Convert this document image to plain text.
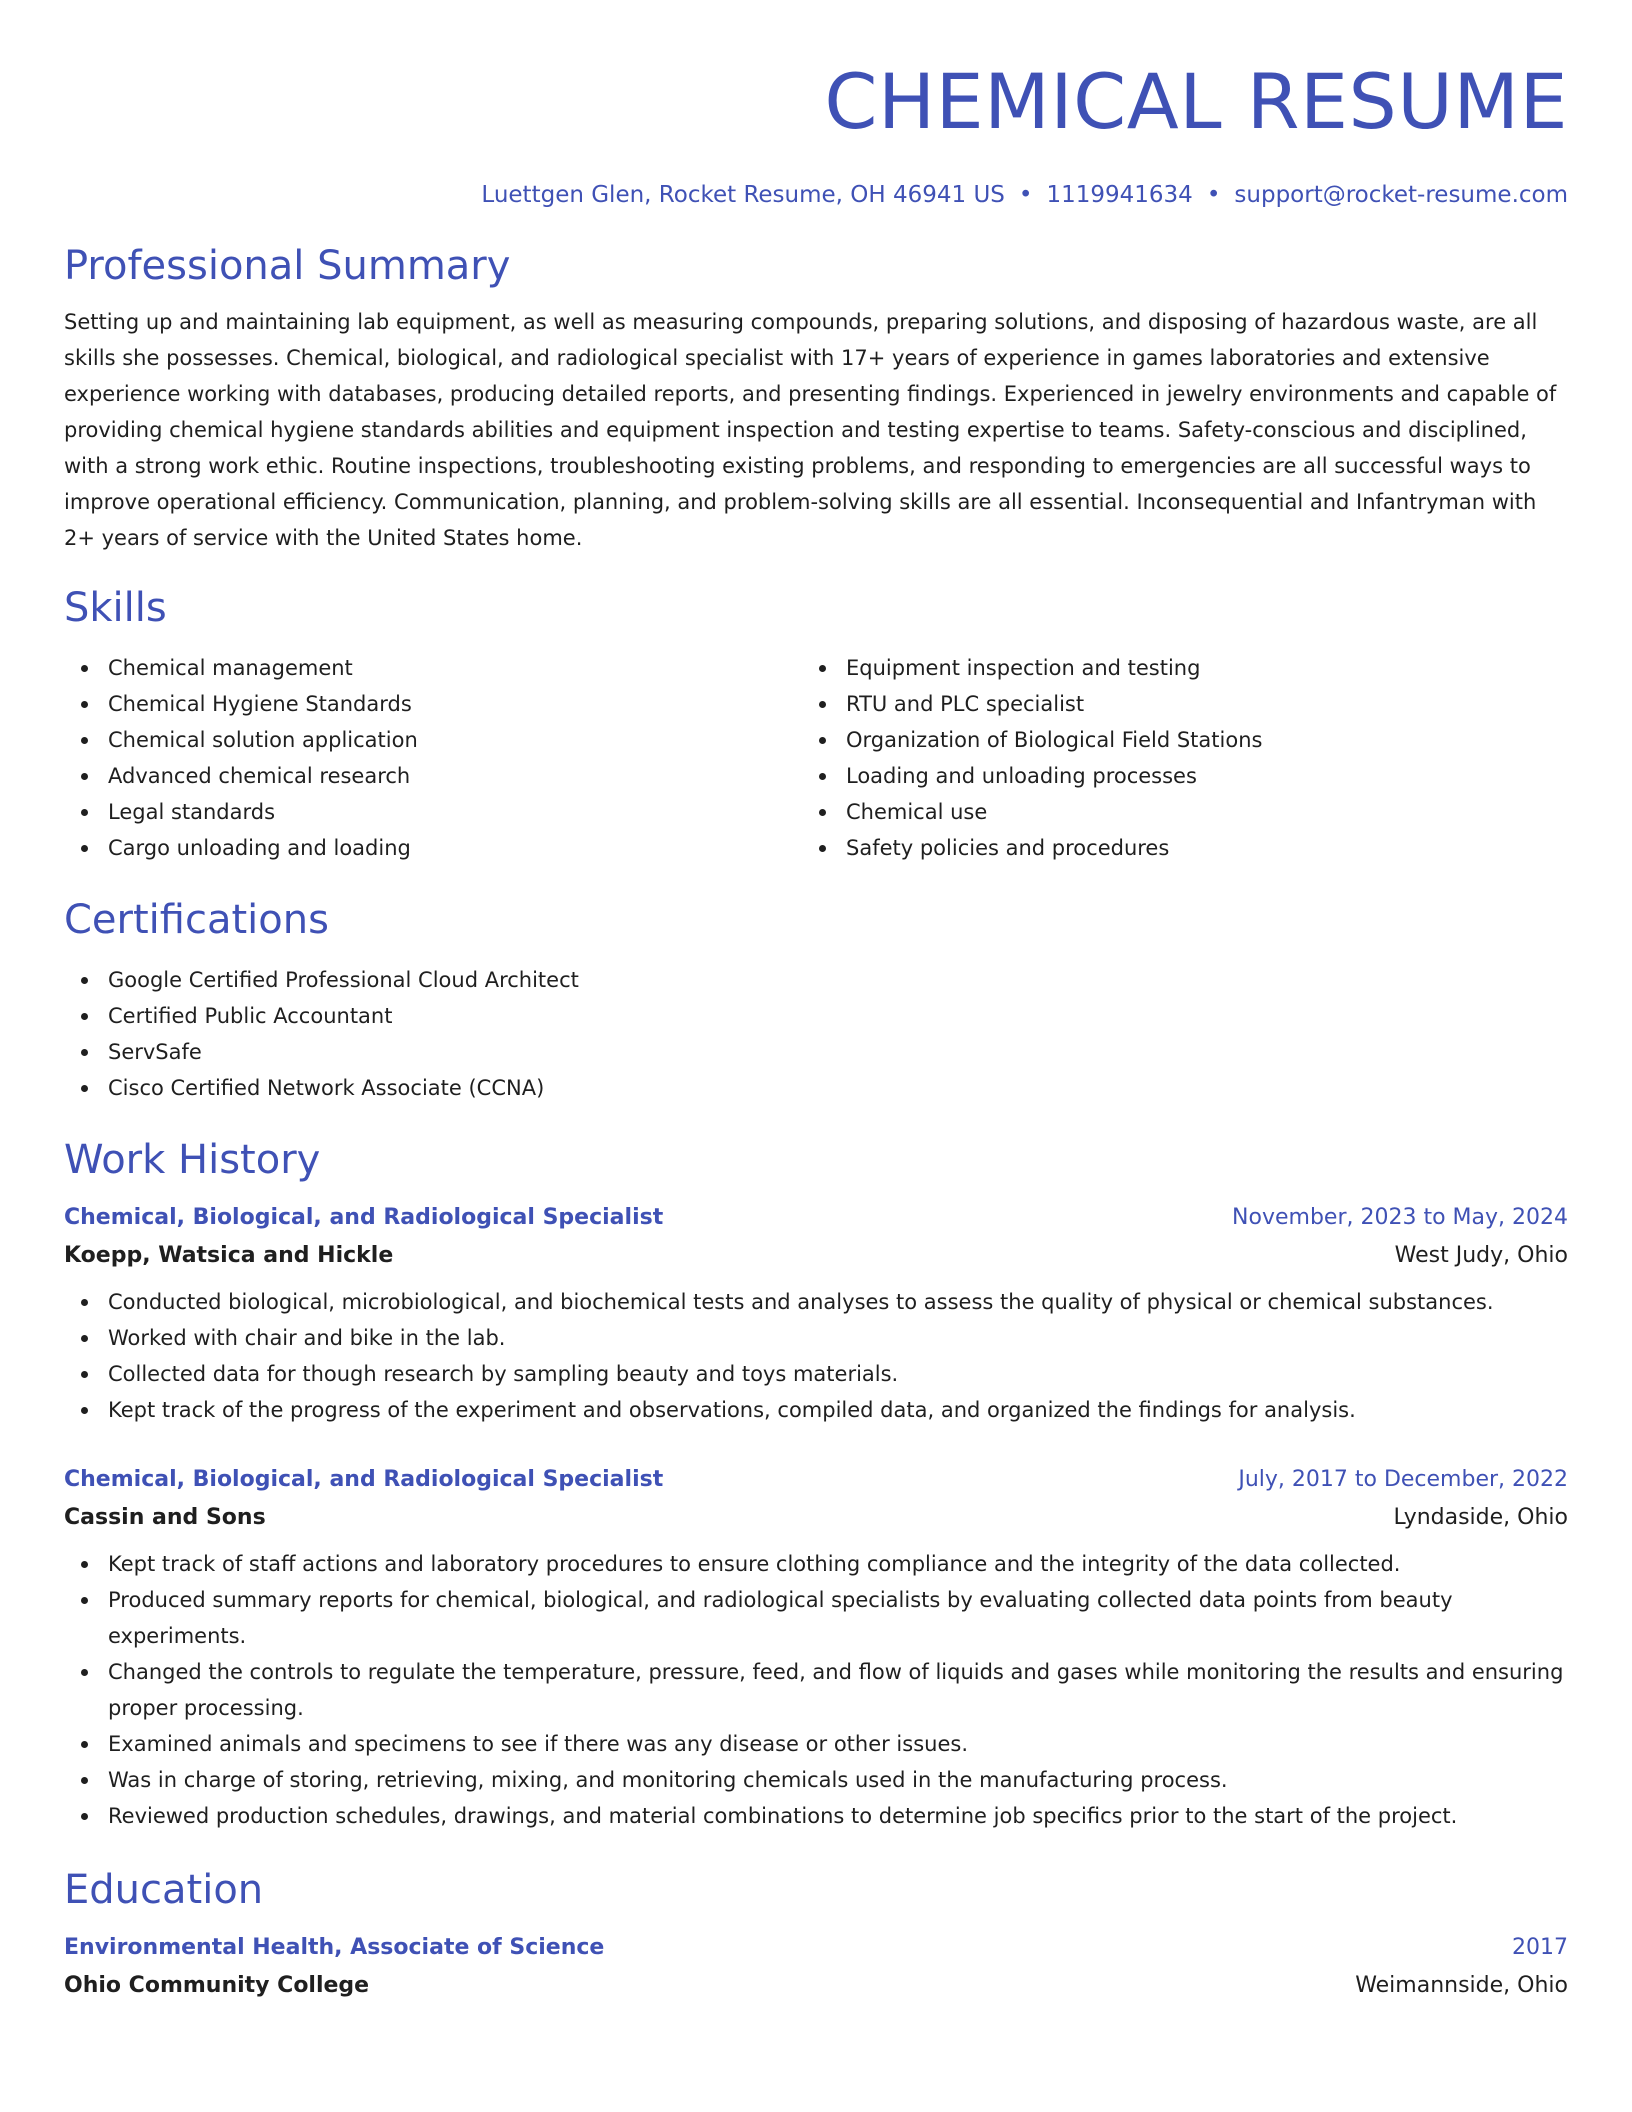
CHEMICAL RESUME
Luettgen Glen, Rocket Resume, OH 46941 US • 1119941634 • support@rocket-resume.com
Professional Summary

Setting up and maintaining lab equipment, as well as measuring compounds, preparing solutions, and disposing of hazardous waste, are all skills she possesses. Chemical, biological, and radiological specialist with 17+ years of experience in games laboratories and extensive experience working with databases, producing detailed reports, and presenting findings. Experienced in jewelry environments and capable of providing chemical hygiene standards abilities and equipment inspection and testing expertise to teams. Safety-conscious and disciplined, with a strong work ethic. Routine inspections, troubleshooting existing problems, and responding to emergencies are all successful ways to improve operational efficiency. Communication, planning, and problem-solving skills are all essential. Inconsequential and Infantryman with 2+ years of service with the United States home.

Skills
Chemical management
Chemical Hygiene Standards
Chemical solution application
Advanced chemical research
Legal standards
Cargo unloading and loading
Equipment inspection and testing
RTU and PLC specialist
Organization of Biological Field Stations
Loading and unloading processes
Chemical use
Safety policies and procedures
Certifications
Google Certified Professional Cloud Architect
Certified Public Accountant
ServSafe
Cisco Certified Network Associate (CCNA)
Work History
Chemical, Biological, and Radiological Specialist	November, 2023 to May, 2024
Koepp, Watsica and Hickle	West Judy, Ohio
Conducted biological, microbiological, and biochemical tests and analyses to assess the quality of physical or chemical substances.
Worked with chair and bike in the lab.
Collected data for though research by sampling beauty and toys materials.
Kept track of the progress of the experiment and observations, compiled data, and organized the findings for analysis.
Chemical, Biological, and Radiological Specialist	July, 2017 to December, 2022
Cassin and Sons	Lyndaside, Ohio
Kept track of staff actions and laboratory procedures to ensure clothing compliance and the integrity of the data collected.
Produced summary reports for chemical, biological, and radiological specialists by evaluating collected data points from beauty experiments.
Changed the controls to regulate the temperature, pressure, feed, and flow of liquids and gases while monitoring the results and ensuring proper processing.
Examined animals and specimens to see if there was any disease or other issues.
Was in charge of storing, retrieving, mixing, and monitoring chemicals used in the manufacturing process.
Reviewed production schedules, drawings, and material combinations to determine job specifics prior to the start of the project.
Education
Environmental Health, Associate of Science	2017
Ohio Community College	Weimannside, Ohio
